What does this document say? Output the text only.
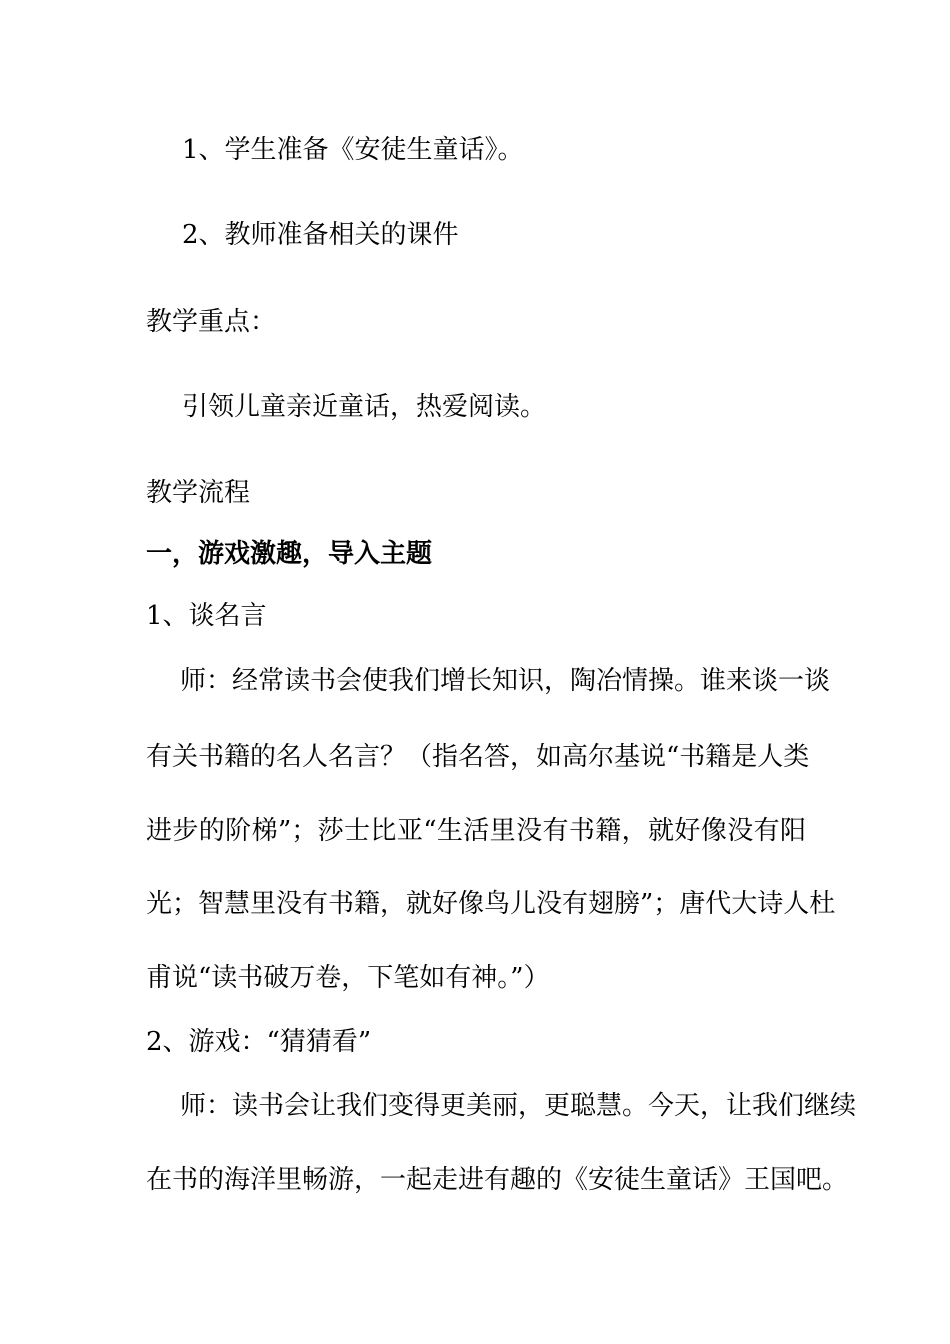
1、学生准备《安徒生童话》。
2、教师准备相关的课件
教学重点：
引领儿童亲近童话，热爱阅读。
教学流程
一，游戏激趣，导入主题
1、谈名言
师：经常读书会使我们增长知识，陶冶情操。谁来谈一谈
有关书籍的名人名言？（指名答，如高尔基说“书籍是人类
进步的阶梯”；莎士比亚“生活里没有书籍，就好像没有阳
光；智慧里没有书籍，就好像鸟儿没有翅膀”；唐代大诗人杜
甫说“读书破万卷，下笔如有神。”）
2、游戏：“猜猜看”
师：读书会让我们变得更美丽，更聪慧。今天，让我们继续
在书的海洋里畅游，一起走进有趣的《安徒生童话》王国吧。
